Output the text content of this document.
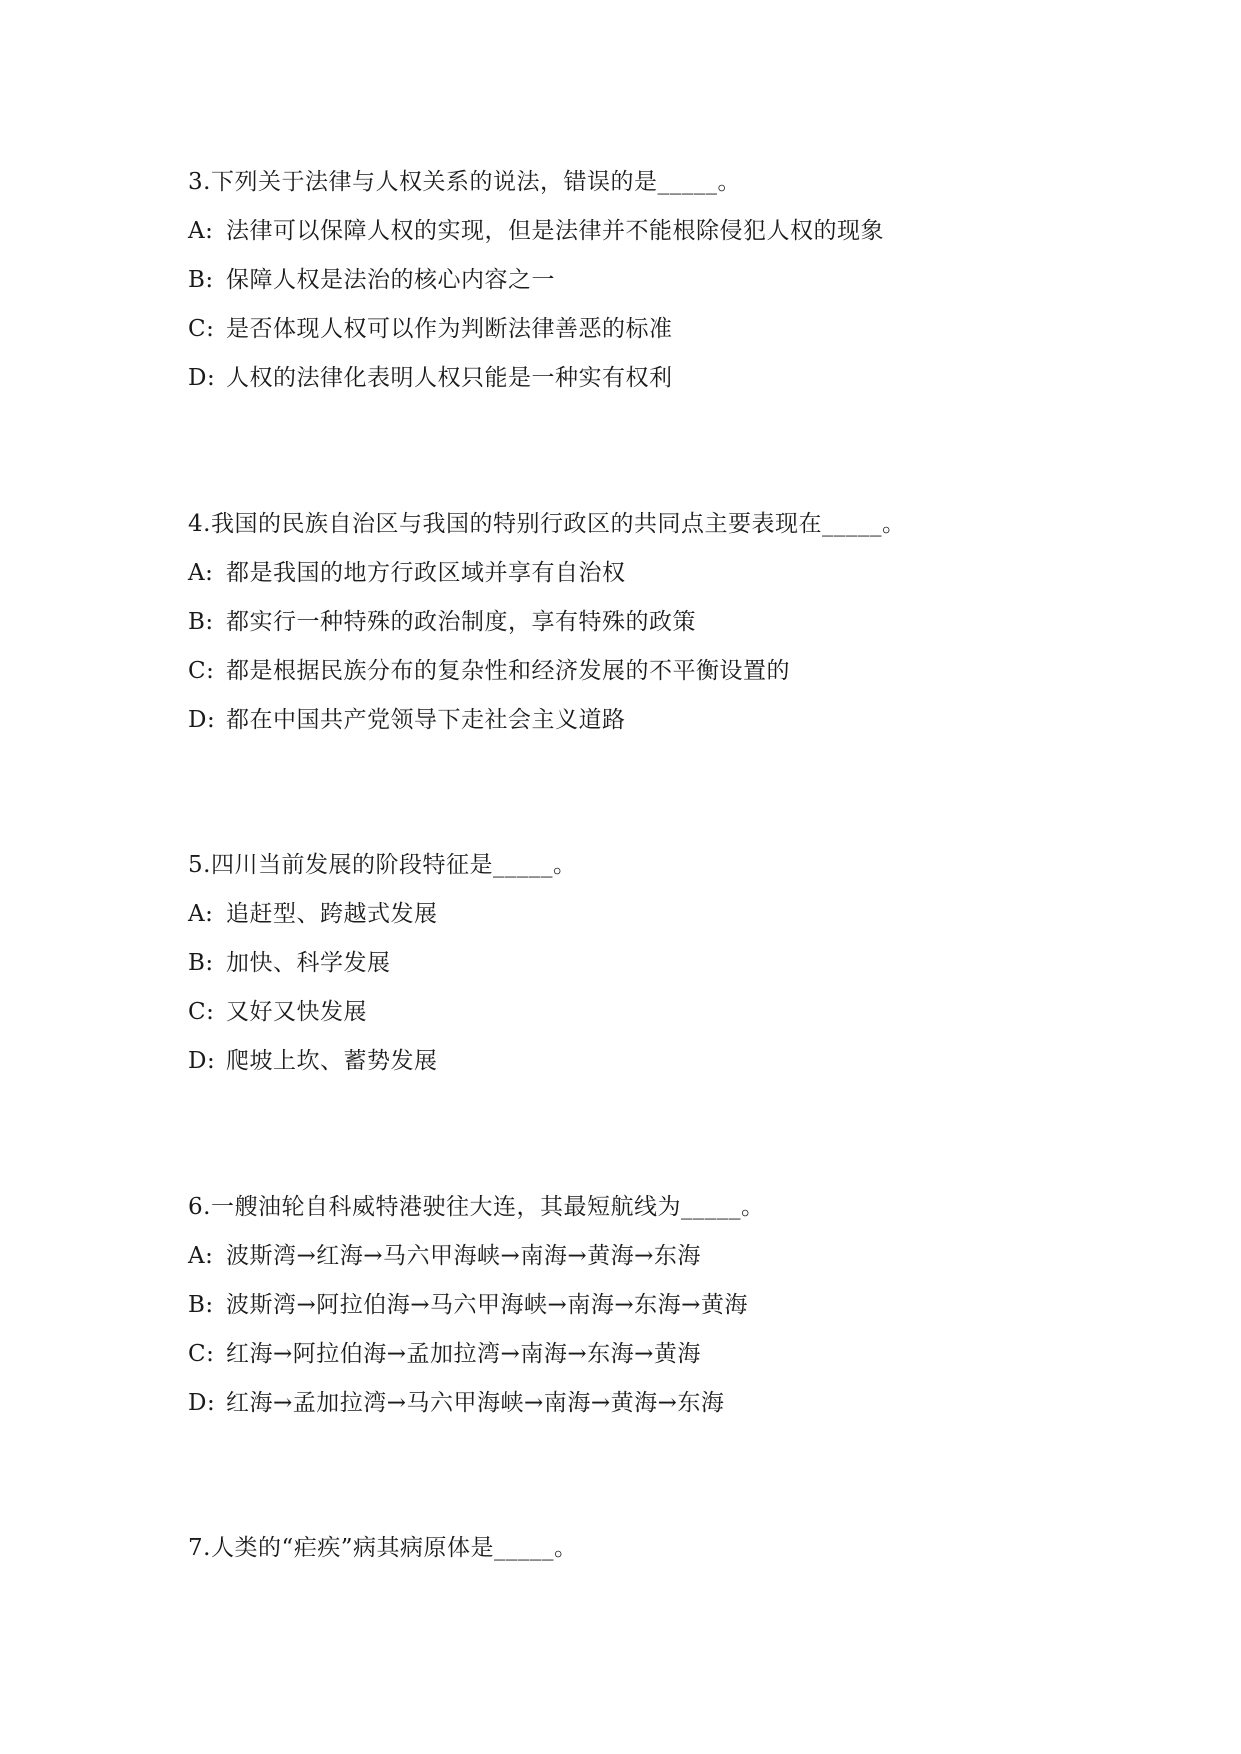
3.下列关于法律与人权关系的说法，错误的是_____。
A: 法律可以保障人权的实现，但是法律并不能根除侵犯人权的现象
B: 保障人权是法治的核心内容之一
C: 是否体现人权可以作为判断法律善恶的标准
D: 人权的法律化表明人权只能是一种实有权利
4.我国的民族自治区与我国的特别行政区的共同点主要表现在_____。
A: 都是我国的地方行政区域并享有自治权
B: 都实行一种特殊的政治制度，享有特殊的政策
C: 都是根据民族分布的复杂性和经济发展的不平衡设置的
D: 都在中国共产党领导下走社会主义道路
5.四川当前发展的阶段特征是_____。
A: 追赶型、跨越式发展
B: 加快、科学发展
C: 又好又快发展
D: 爬坡上坎、蓄势发展
6.一艘油轮自科威特港驶往大连，其最短航线为_____。
A: 波斯湾→红海→马六甲海峡→南海→黄海→东海
B: 波斯湾→阿拉伯海→马六甲海峡→南海→东海→黄海
C: 红海→阿拉伯海→孟加拉湾→南海→东海→黄海
D: 红海→孟加拉湾→马六甲海峡→南海→黄海→东海
7.人类的“疟疾”病其病原体是_____。
